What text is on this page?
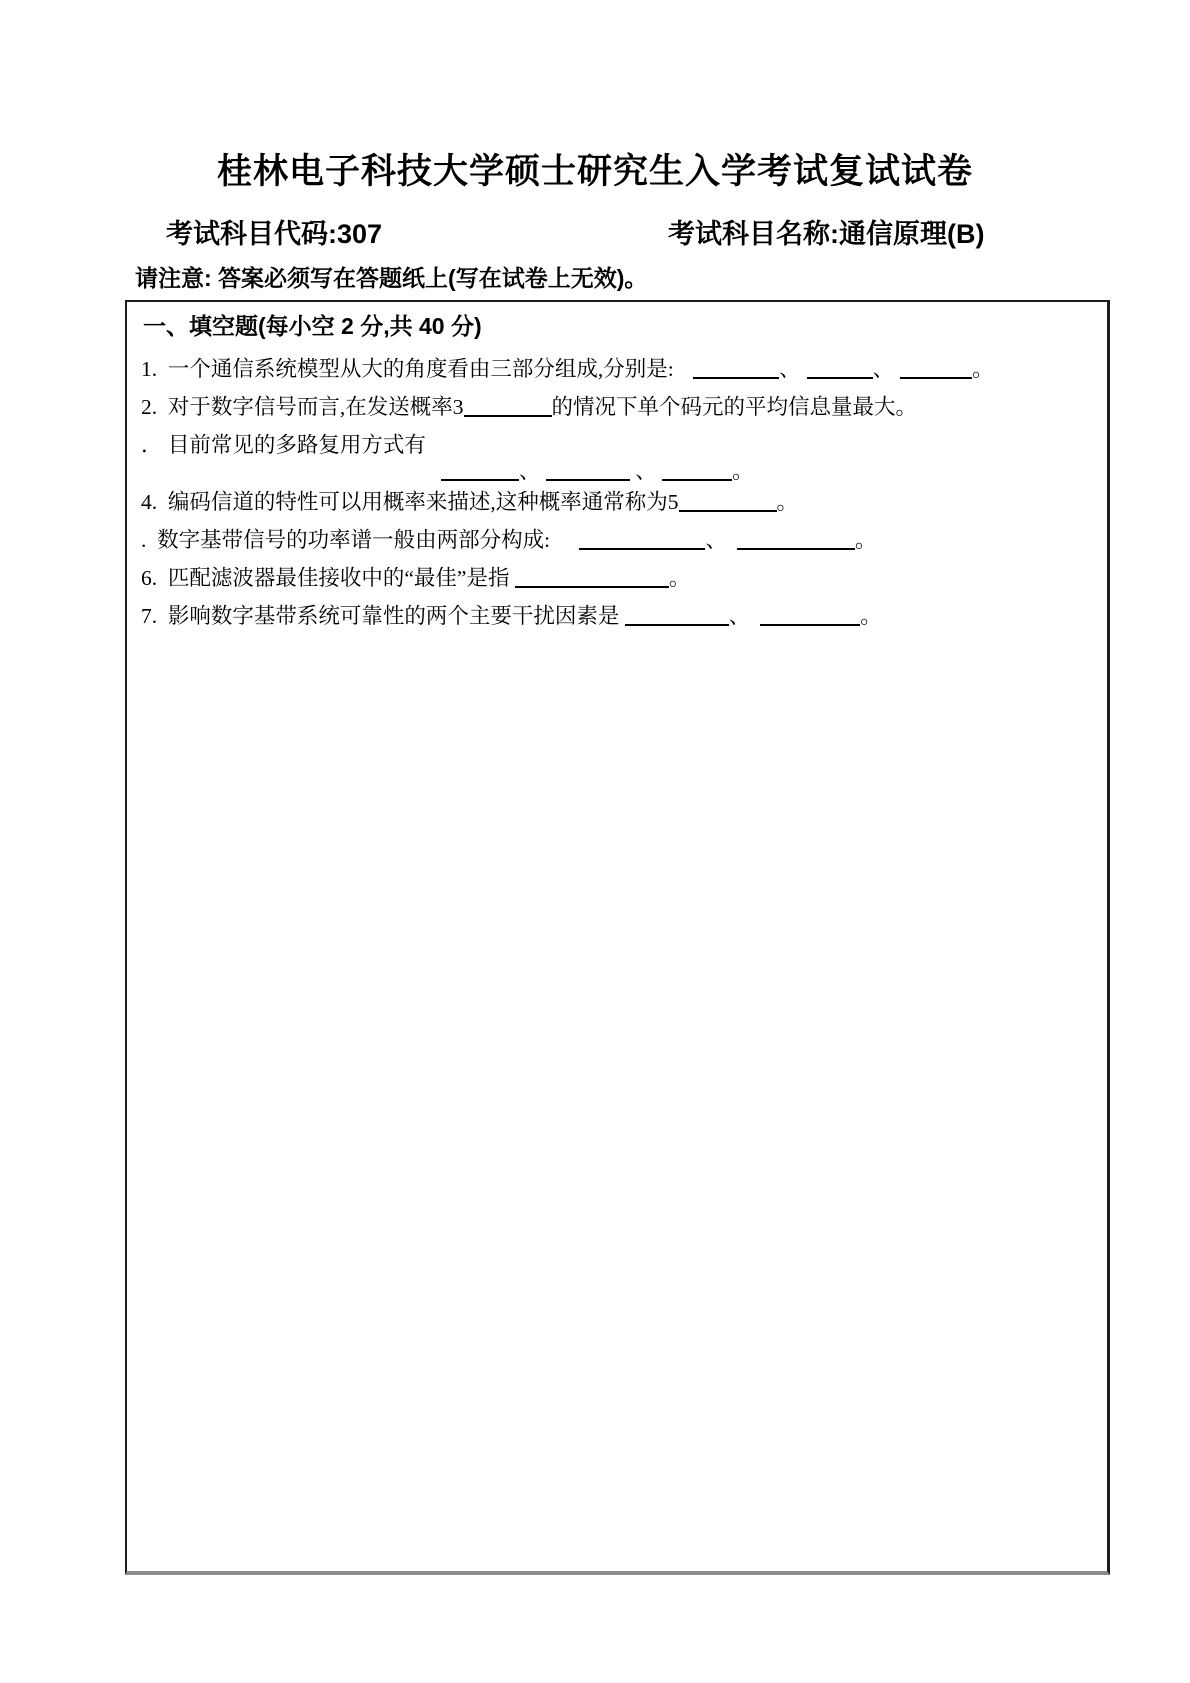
桂林电子科技大学硕士研究生入学考试复试试卷
考试科目代码:307	考试科目名称:通信原理(B)
请注意: 答案必须写在答题纸上(写在试卷上无效)。
一、填空题(每小空 2 分,共 40 分)
1.  一个通信系统模型从大的角度看由三部分组成,分别是:	、	、	。
2.  对于数字信号而言,在发送概率3	的情况下单个码元的平均信息量最大。
． 目前常见的多路复用方式有
、	、	。
4.  编码信道的特性可以用概率来描述,这种概率通常称为5	。
.  数字基带信号的功率谱一般由两部分构成:	、	。
6.  匹配滤波器最佳接收中的“最佳”是指	。
7.  影响数字基带系统可靠性的两个主要干扰因素是	、	。
